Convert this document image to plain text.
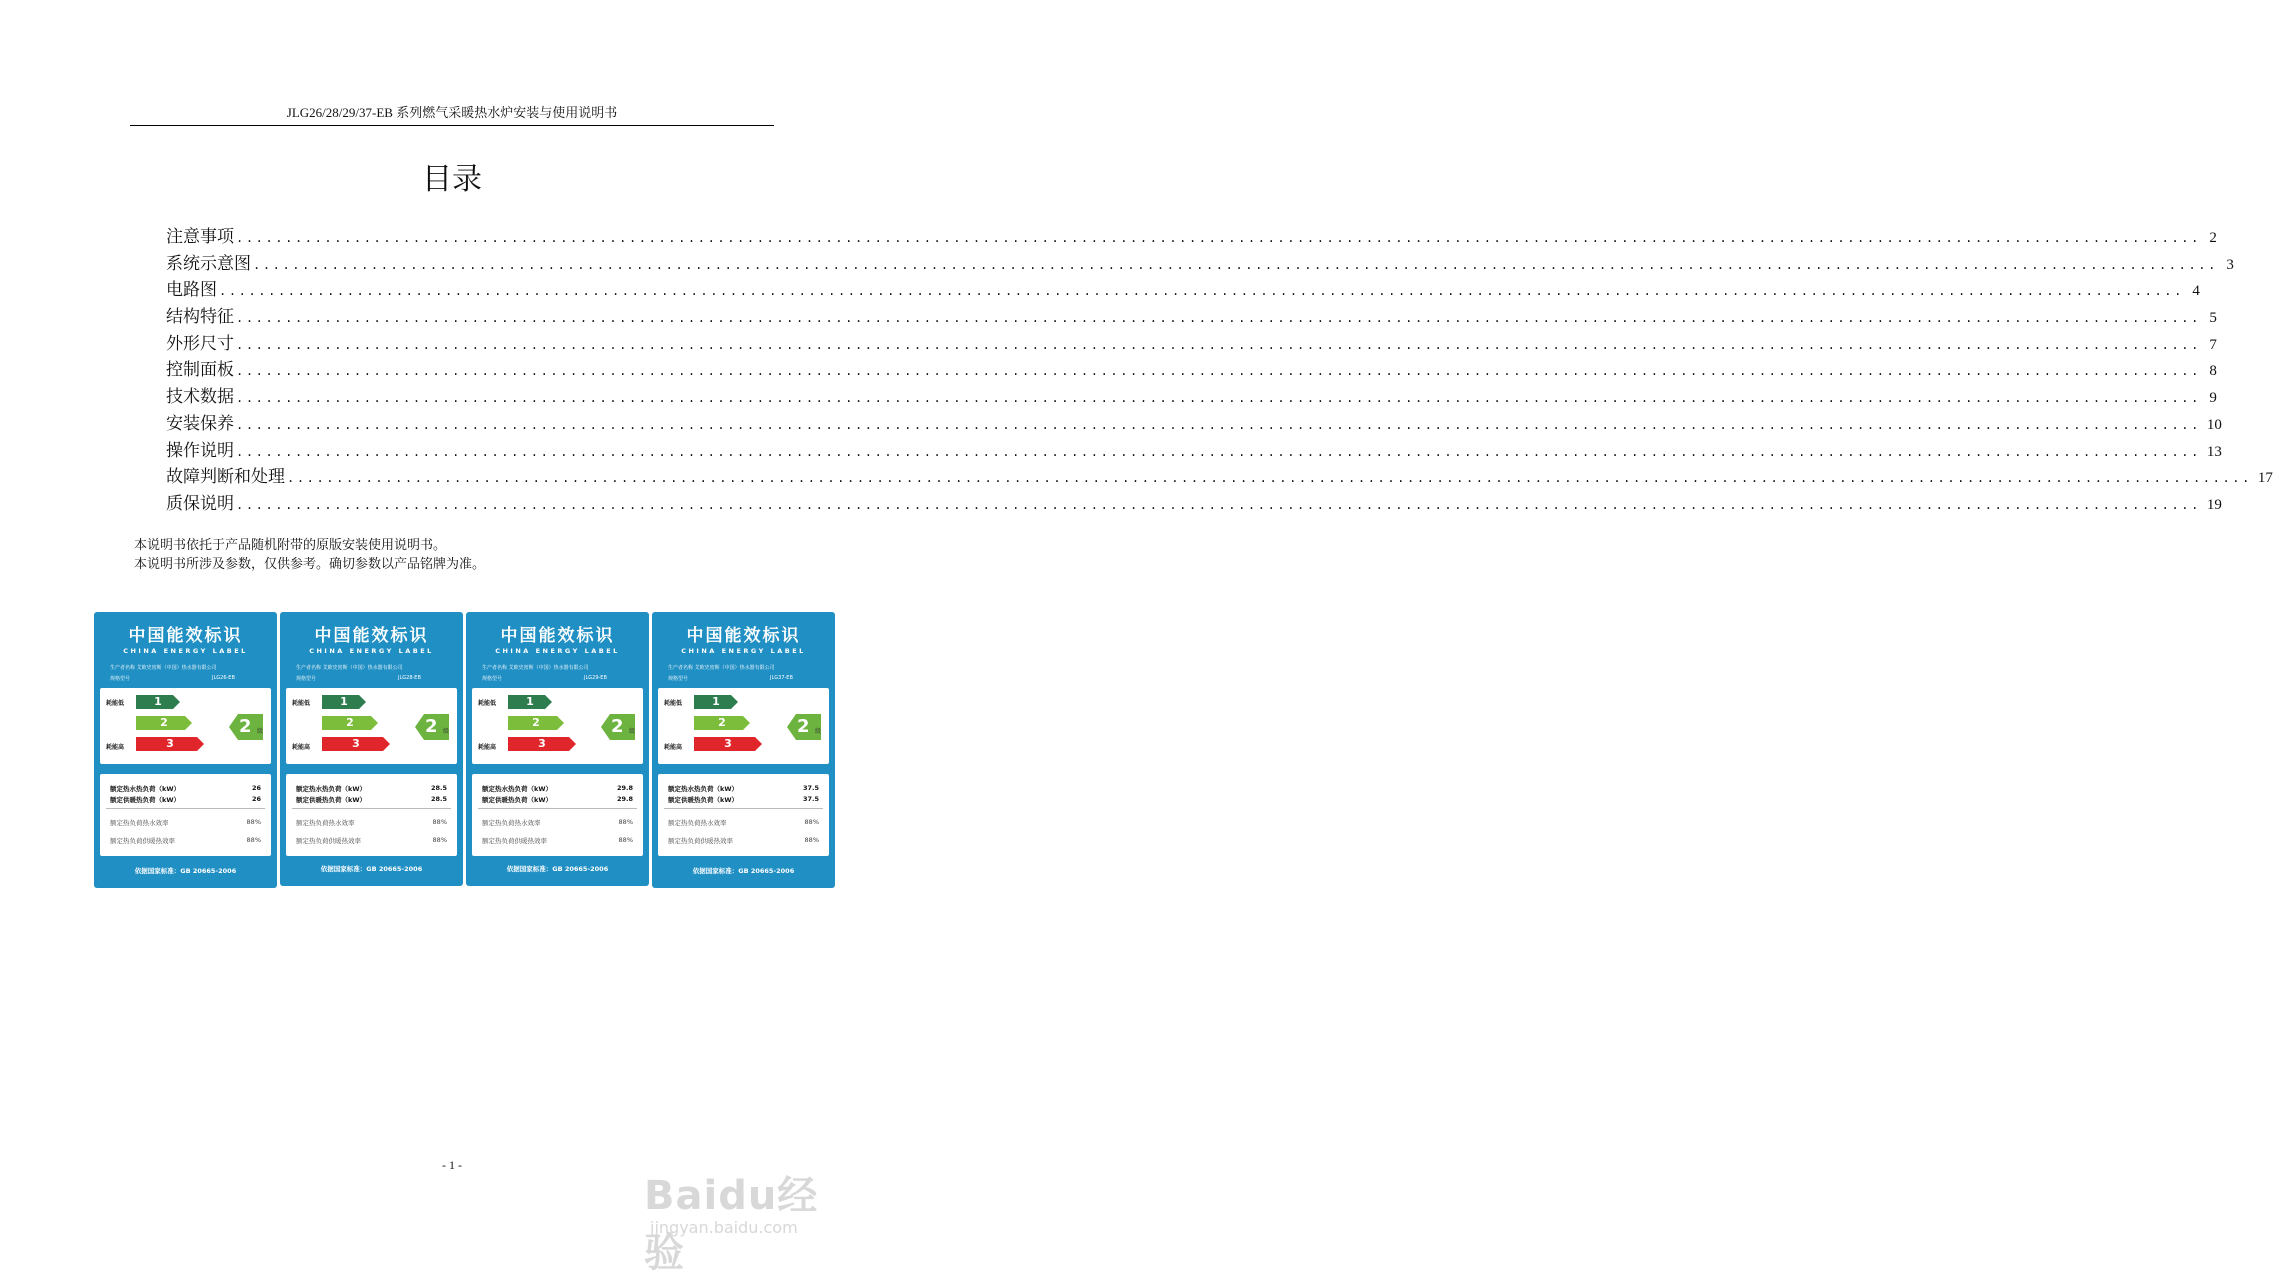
JLG26/28/29/37-EB 系列燃气采暖热水炉安装与使用说明书
目录
注意事项 ........................................................................................................................................................................................................ 2
系统示意图 ........................................................................................................................................................................................................ 3
电路图 ........................................................................................................................................................................................................ 4
结构特征 ........................................................................................................................................................................................................ 5
外形尺寸 ........................................................................................................................................................................................................ 7
控制面板 ........................................................................................................................................................................................................ 8
技术数据 ........................................................................................................................................................................................................ 9
安装保养 ........................................................................................................................................................................................................ 10
操作说明 ........................................................................................................................................................................................................ 13
故障判断和处理 ........................................................................................................................................................................................................ 17
质保说明 ........................................................................................................................................................................................................ 19
本说明书依托于产品随机附带的原版安装使用说明书。
本说明书所涉及参数，仅供参考。确切参数以产品铭牌为准。
中国能效标识
CHINA ENERGY LABEL
生产者名称 艾欧史密斯（中国）热水器有限公司
规格型号	JLG26-EB
耗能低
耗能高
1
2
3
2 级
额定热水热负荷（kW）	26
额定供暖热负荷（kW）	26
额定热负荷热水效率	88%
额定热负荷供暖热效率	88%
依据国家标准：GB 20665-2006
中国能效标识
CHINA ENERGY LABEL
生产者名称 艾欧史密斯（中国）热水器有限公司
规格型号	JLG28-EB
耗能低
耗能高
1
2
3
2 级
额定热水热负荷（kW）	28.5
额定供暖热负荷（kW）	28.5
额定热负荷热水效率	88%
额定热负荷供暖热效率	88%
依据国家标准：GB 20665-2006
中国能效标识
CHINA ENERGY LABEL
生产者名称 艾欧史密斯（中国）热水器有限公司
规格型号	JLG29-EB
耗能低
耗能高
1
2
3
2 级
额定热水热负荷（kW）	29.8
额定供暖热负荷（kW）	29.8
额定热负荷热水效率	88%
额定热负荷供暖热效率	88%
依据国家标准：GB 20665-2006
中国能效标识
CHINA ENERGY LABEL
生产者名称 艾欧史密斯（中国）热水器有限公司
规格型号	JLG37-EB
耗能低
耗能高
1
2
3
2 级
额定热水热负荷（kW）	37.5
额定供暖热负荷（kW）	37.5
额定热负荷热水效率	88%
额定热负荷供暖热效率	88%
依据国家标准：GB 20665-2006
- 1 -
Baidu经验
jingyan.baidu.com
